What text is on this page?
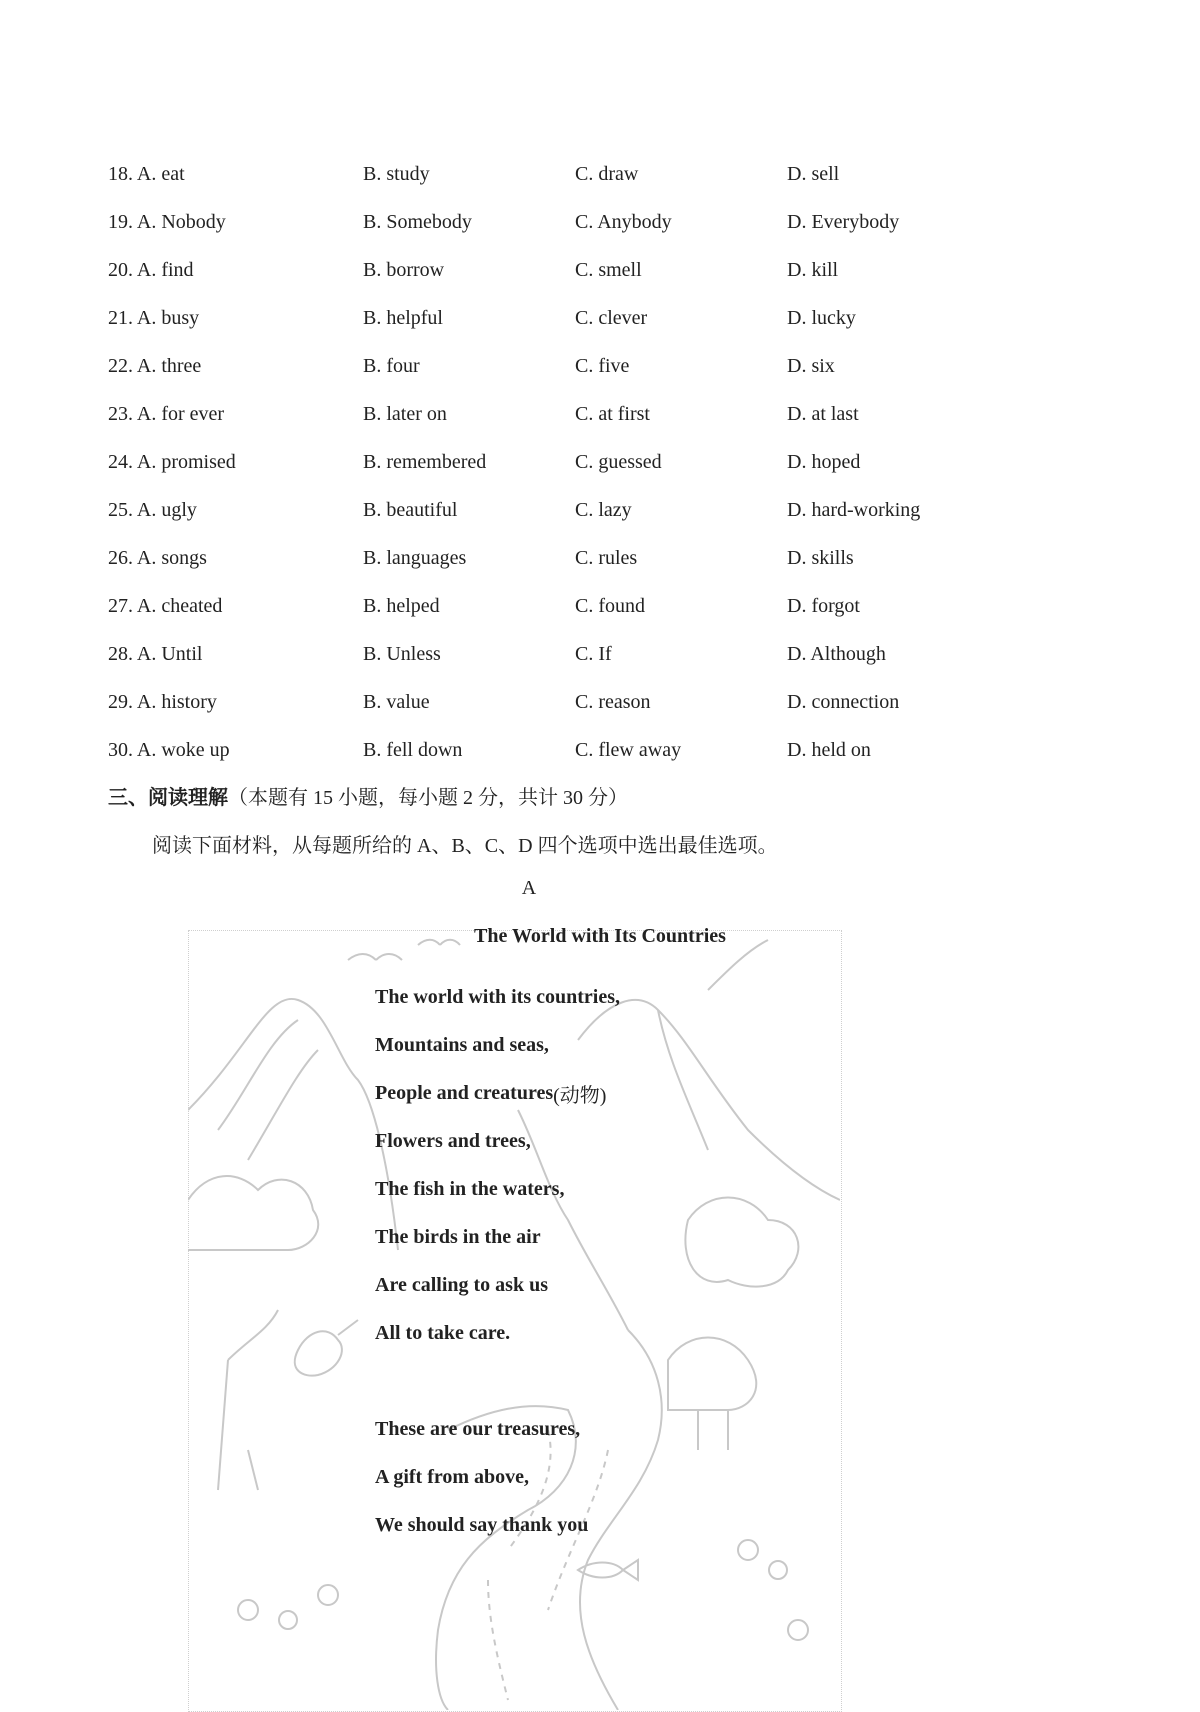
18. A. eat	B. study	C. draw	D. sell
19. A. Nobody	B. Somebody	C. Anybody	D. Everybody
20. A. find	B. borrow	C. smell	D. kill
21. A. busy	B. helpful	C. clever	D. lucky
22. A. three	B. four	C. five	D. six
23. A. for ever	B. later on	C. at first	D. at last
24. A. promised	B. remembered	C. guessed	D. hoped
25. A. ugly	B. beautiful	C. lazy	D. hard-working
26. A. songs	B. languages	C. rules	D. skills
27. A. cheated	B. helped	C. found	D. forgot
28. A. Until	B. Unless	C. If	D. Although
29. A. history	B. value	C. reason	D. connection
30. A. woke up	B. fell down	C. flew away	D. held on
三、阅读理解（本题有 15 小题，每小题 2 分，共计 30 分）
阅读下面材料，从每题所给的 A、B、C、D 四个选项中选出最佳选项。
A
The World with Its Countries
The world with its countries,
Mountains and seas,
People and creatures (动物)
Flowers and trees,
The fish in the waters,
The birds in the air
Are calling to ask us
All to take care.
These are our treasures,
A gift from above,
We should say thank you
